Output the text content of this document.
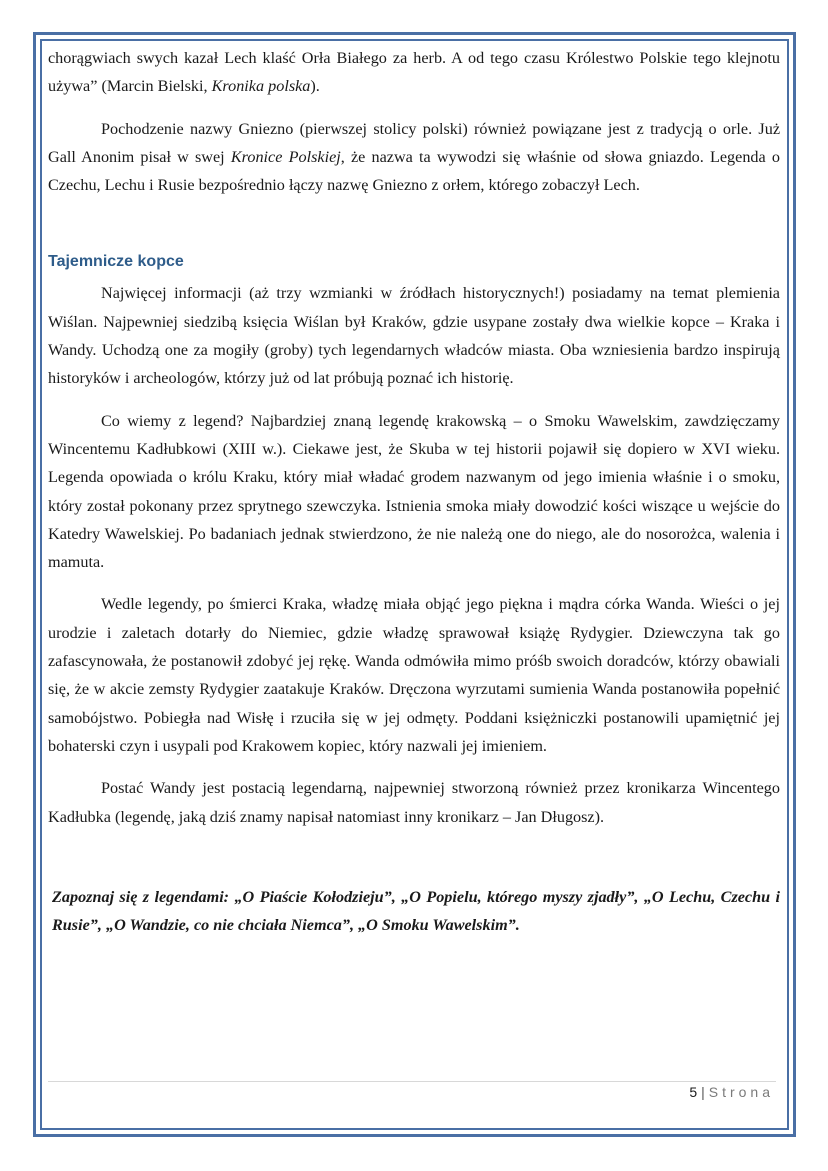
chorągwiach swych kazał Lech klaść Orła Białego za herb. A od tego czasu Królestwo Polskie tego klejnotu używa” (Marcin Bielski, Kronika polska).

Pochodzenie nazwy Gniezno (pierwszej stolicy polski) również powiązane jest z tradycją o orle. Już Gall Anonim pisał w swej Kronice Polskiej, że nazwa ta wywodzi się właśnie od słowa gniazdo. Legenda o Czechu, Lechu i Rusie bezpośrednio łączy nazwę Gniezno z orłem, którego zobaczył Lech.

Tajemnicze kopce

Najwięcej informacji (aż trzy wzmianki w źródłach historycznych!) posiadamy na temat plemienia Wiślan. Najpewniej siedzibą księcia Wiślan był Kraków, gdzie usypane zostały dwa wielkie kopce – Kraka i Wandy. Uchodzą one za mogiły (groby) tych legendarnych władców miasta. Oba wzniesienia bardzo inspirują historyków i archeologów, którzy już od lat próbują poznać ich historię.

Co wiemy z legend? Najbardziej znaną legendę krakowską – o Smoku Wawelskim, zawdzięczamy Wincentemu Kadłubkowi (XIII w.). Ciekawe jest, że Skuba w tej historii pojawił się dopiero w XVI wieku. Legenda opowiada o królu Kraku, który miał władać grodem nazwanym od jego imienia właśnie i o smoku, który został pokonany przez sprytnego szewczyka. Istnienia smoka miały dowodzić kości wiszące u wejście do Katedry Wawelskiej. Po badaniach jednak stwierdzono, że nie należą one do niego, ale do nosorożca, walenia i mamuta.

Wedle legendy, po śmierci Kraka, władzę miała objąć jego piękna i mądra córka Wanda. Wieści o jej urodzie i zaletach dotarły do Niemiec, gdzie władzę sprawował książę Rydygier. Dziewczyna tak go zafascynowała, że postanowił zdobyć jej rękę. Wanda odmówiła mimo próśb swoich doradców, którzy obawiali się, że w akcie zemsty Rydygier zaatakuje Kraków. Dręczona wyrzutami sumienia Wanda postanowiła popełnić samobójstwo. Pobiegła nad Wisłę i rzuciła się w jej odmęty. Poddani księżniczki postanowili upamiętnić jej bohaterski czyn i usypali pod Krakowem kopiec, który nazwali jej imieniem.

Postać Wandy jest postacią legendarną, najpewniej stworzoną również przez kronikarza Wincentego Kadłubka (legendę, jaką dziś znamy napisał natomiast inny kronikarz – Jan Długosz).

Zapoznaj się z legendami: „O Piaście Kołodzieju”, „O Popielu, którego myszy zjadły”, „O Lechu, Czechu i Rusie”, „O Wandzie, co nie chciała Niemca”, „O Smoku Wawelskim”.

5 | Strona
